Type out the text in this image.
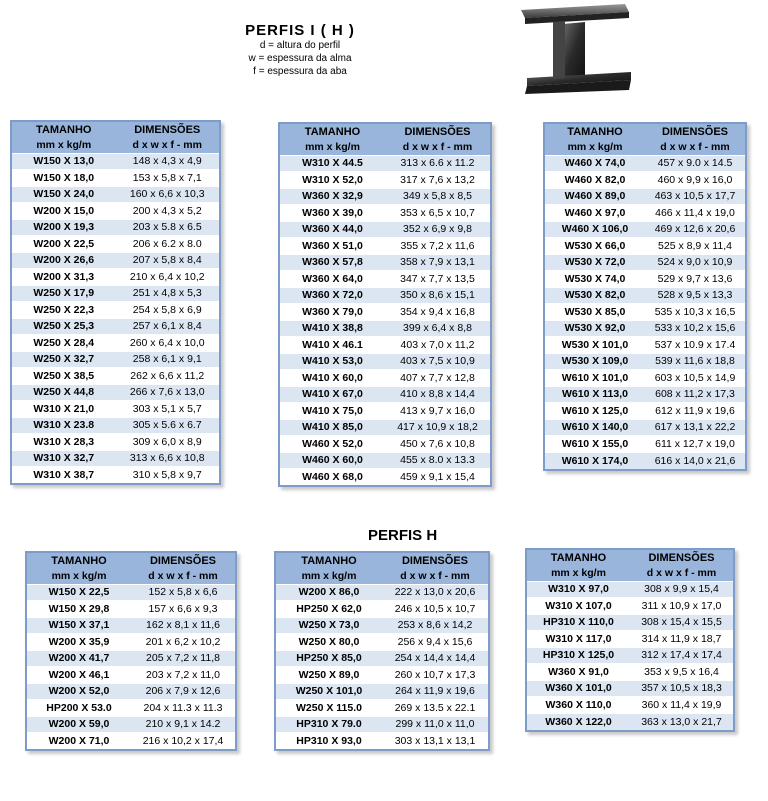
PERFIS I ( H )
d = altura do perfil
w = espessura da alma
f = espessura da aba
PERFIS H
TAMANHO	DIMENSÕES
mm x kg/m	d x w x f - mm
W150 X 13,0	148 x 4,3 x 4,9
W150 X 18,0	153 x 5,8 x 7,1
W150 X 24,0	160 x 6,6 x 10,3
W200 X 15,0	200 x 4,3 x 5,2
W200 X 19,3	203 x 5.8 x 6.5
W200 X 22,5	206 x 6.2 x 8.0
W200 X 26,6	207 x 5,8 x 8,4
W200 X 31,3	210 x 6,4 x 10,2
W250 X 17,9	251 x 4,8 x 5,3
W250 X 22,3	254 x 5,8 x 6,9
W250 X 25,3	257 x 6,1 x 8,4
W250 X 28,4	260 x 6,4 x 10,0
W250 X 32,7	258 x 6,1 x 9,1
W250 X 38,5	262 x 6,6 x 11,2
W250 X 44,8	266 x 7,6 x 13,0
W310 X 21,0	303 x 5,1 x 5,7
W310 X 23.8	305 x 5.6 x 6.7
W310 X 28,3	309 x 6,0 x 8,9
W310 X 32,7	313 x 6,6 x 10,8
W310 X 38,7	310 x 5,8 x 9,7
TAMANHO	DIMENSÕES
mm x kg/m	d x w x f - mm
W310 X 44.5	313 x 6.6 x 11.2
W310 X 52,0	317 x 7,6 x 13,2
W360 X 32,9	349 x 5,8 x 8,5
W360 X 39,0	353 x 6,5 x 10,7
W360 X 44,0	352 x 6,9 x 9,8
W360 X 51,0	355 x 7,2 x 11,6
W360 X 57,8	358 x 7,9 x 13,1
W360 X 64,0	347 x 7,7 x 13,5
W360 X 72,0	350 x 8,6 x 15,1
W360 X 79,0	354 x 9,4 x 16,8
W410 X 38,8	399 x 6,4 x 8,8
W410 X 46.1	403 x 7,0 x 11,2
W410 X 53,0	403 x 7,5 x 10,9
W410 X 60,0	407 x 7,7 x 12,8
W410 X 67,0	410 x 8,8 x 14,4
W410 X 75,0	413 x 9,7 x 16,0
W410 X 85,0	417 x 10,9 x 18,2
W460 X 52,0	450 x 7,6 x 10,8
W460 X 60,0	455 x 8.0 x 13.3
W460 X 68,0	459 x 9,1 x 15,4
TAMANHO	DIMENSÕES
mm x kg/m	d x w x f - mm
W460 X 74,0	457 x 9.0 x 14.5
W460 X 82,0	460 x 9,9 x 16,0
W460 X 89,0	463 x 10,5 x 17,7
W460 X 97,0	466 x 11,4 x 19,0
W460 X 106,0	469 x 12,6 x 20,6
W530 X 66,0	525 x 8,9 x 11,4
W530 X 72,0	524 x 9,0 x 10,9
W530 X 74,0	529 x 9,7 x 13,6
W530 X 82,0	528 x 9,5 x 13,3
W530 X 85,0	535 x 10,3 x 16,5
W530 X 92,0	533 x 10,2 x 15,6
W530 X 101,0	537 x 10.9 x 17.4
W530 X 109,0	539 x 11,6 x 18,8
W610 X 101,0	603 x 10,5 x 14,9
W610 X 113,0	608 x 11,2 x 17,3
W610 X 125,0	612 x 11,9 x 19,6
W610 X 140,0	617 x 13,1 x 22,2
W610 X 155,0	611 x 12,7 x 19,0
W610 X 174,0	616 x 14,0 x 21,6
TAMANHO	DIMENSÕES
mm x kg/m	d x w x f - mm
W150 X 22,5	152 x 5,8 x 6,6
W150 X 29,8	157 x 6,6 x 9,3
W150 X 37,1	162 x 8,1 x 11,6
W200 X 35,9	201 x 6,2 x 10,2
W200 X 41,7	205 x 7,2 x 11,8
W200 X 46,1	203 x 7,2 x 11,0
W200 X 52,0	206 x 7,9 x 12,6
HP200 X 53.0	204 x 11.3 x 11.3
W200 X 59,0	210 x 9,1 x 14.2
W200 X 71,0	216 x 10,2 x 17,4
TAMANHO	DIMENSÕES
mm x kg/m	d x w x f - mm
W200 X 86,0	222 x 13,0 x 20,6
HP250 X 62,0	246 x 10,5 x 10,7
W250 X 73,0	253 x 8,6 x 14,2
W250 X 80,0	256 x 9,4 x 15,6
HP250 X 85,0	254 x 14,4 x 14,4
W250 X 89,0	260 x 10,7 x 17,3
W250 X 101,0	264 x 11,9 x 19,6
W250 X 115.0	269 x 13.5 x 22.1
HP310 X 79.0	299 x 11,0 x 11,0
HP310 X 93,0	303 x 13,1 x 13,1
TAMANHO	DIMENSÕES
mm x kg/m	d x w x f - mm
W310 X 97,0	308 x 9,9 x 15,4
W310 X 107,0	311 x 10,9 x 17,0
HP310 X 110,0	308 x 15,4 x 15,5
W310 X 117,0	314 x 11,9 x 18,7
HP310 X 125,0	312 x 17,4 x 17,4
W360 X 91,0	353 x 9,5 x 16,4
W360 X 101,0	357 x 10,5 x 18,3
W360 X 110,0	360 x 11,4 x 19,9
W360 X 122,0	363 x 13,0 x 21,7
